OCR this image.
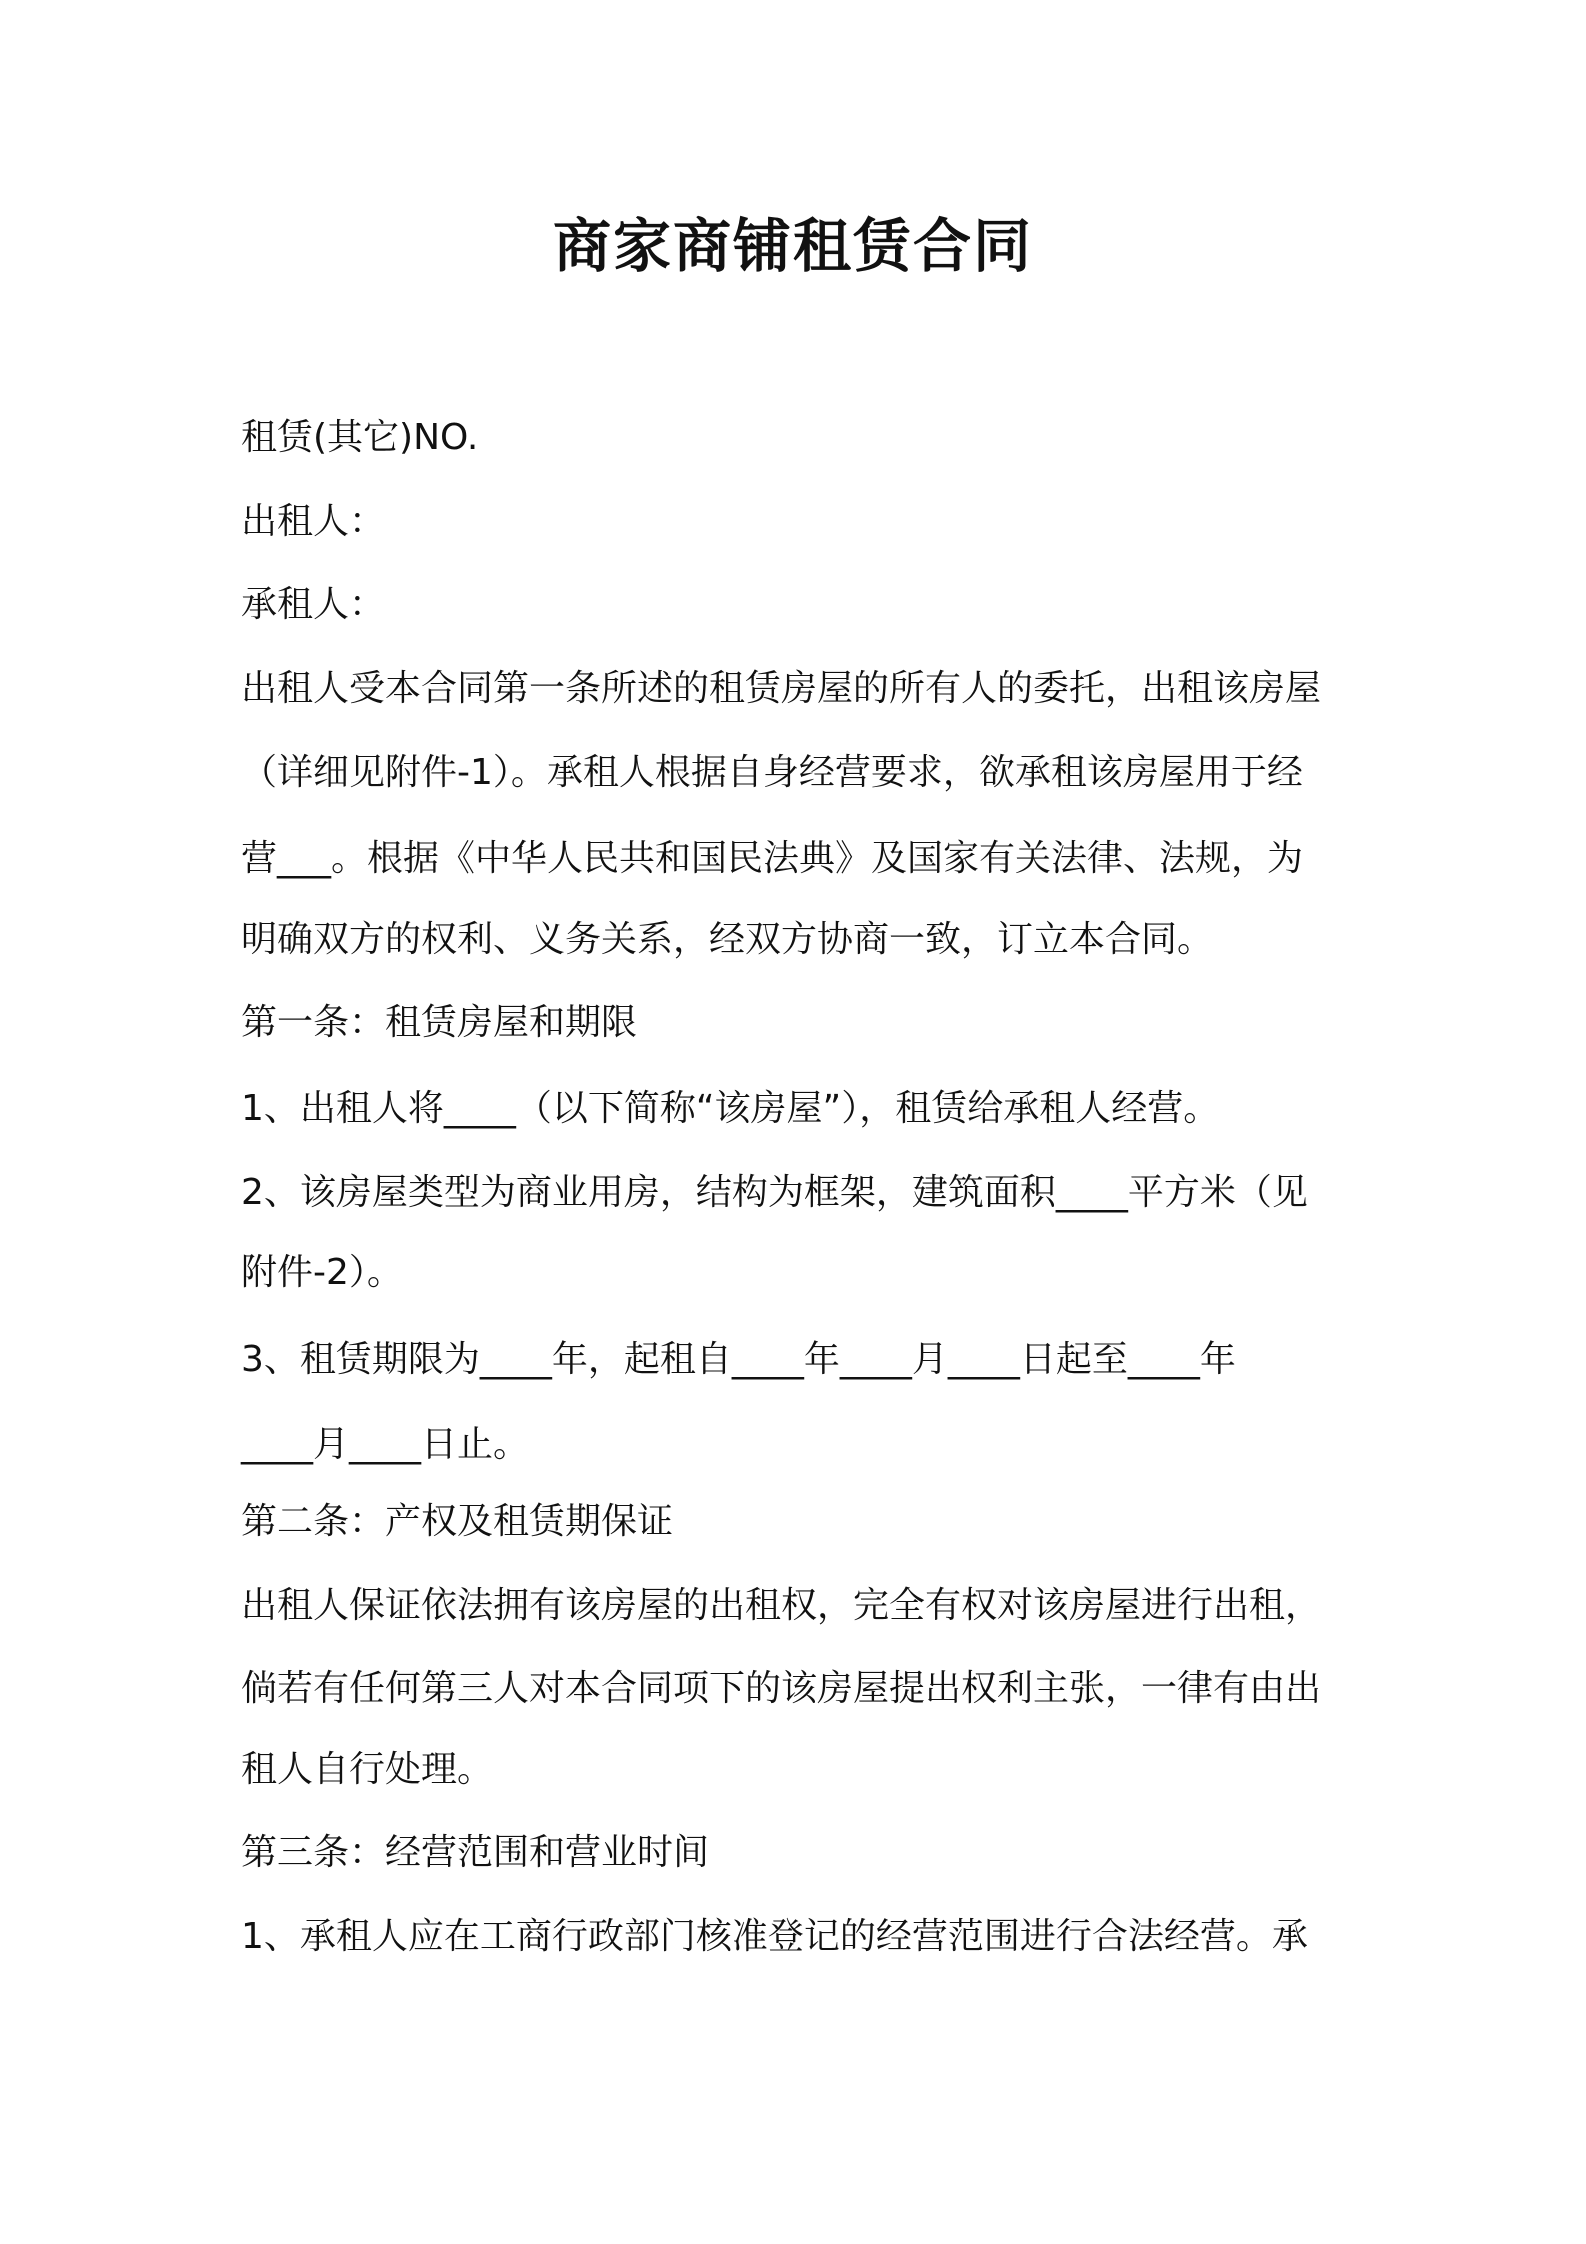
商家商铺租赁合同

租赁(其它)NO.

出租人：

承租人：

出租人受本合同第一条所述的租赁房屋的所有人的委托，出租该房屋

（详细见附件-1）。承租人根据自身经营要求，欲承租该房屋用于经

营___。根据《中华人民共和国民法典》及国家有关法律、法规，为

明确双方的权利、义务关系，经双方协商一致，订立本合同。

第一条：租赁房屋和期限

1、出租人将____（以下简称“该房屋”），租赁给承租人经营。

2、该房屋类型为商业用房，结构为框架，建筑面积____平方米（见

附件-2）。

3、租赁期限为____年，起租自____年____月____日起至____年

____月____日止。

第二条：产权及租赁期保证

出租人保证依法拥有该房屋的出租权，完全有权对该房屋进行出租，

倘若有任何第三人对本合同项下的该房屋提出权利主张，一律有由出

租人自行处理。

第三条：经营范围和营业时间

1、承租人应在工商行政部门核准登记的经营范围进行合法经营。承
